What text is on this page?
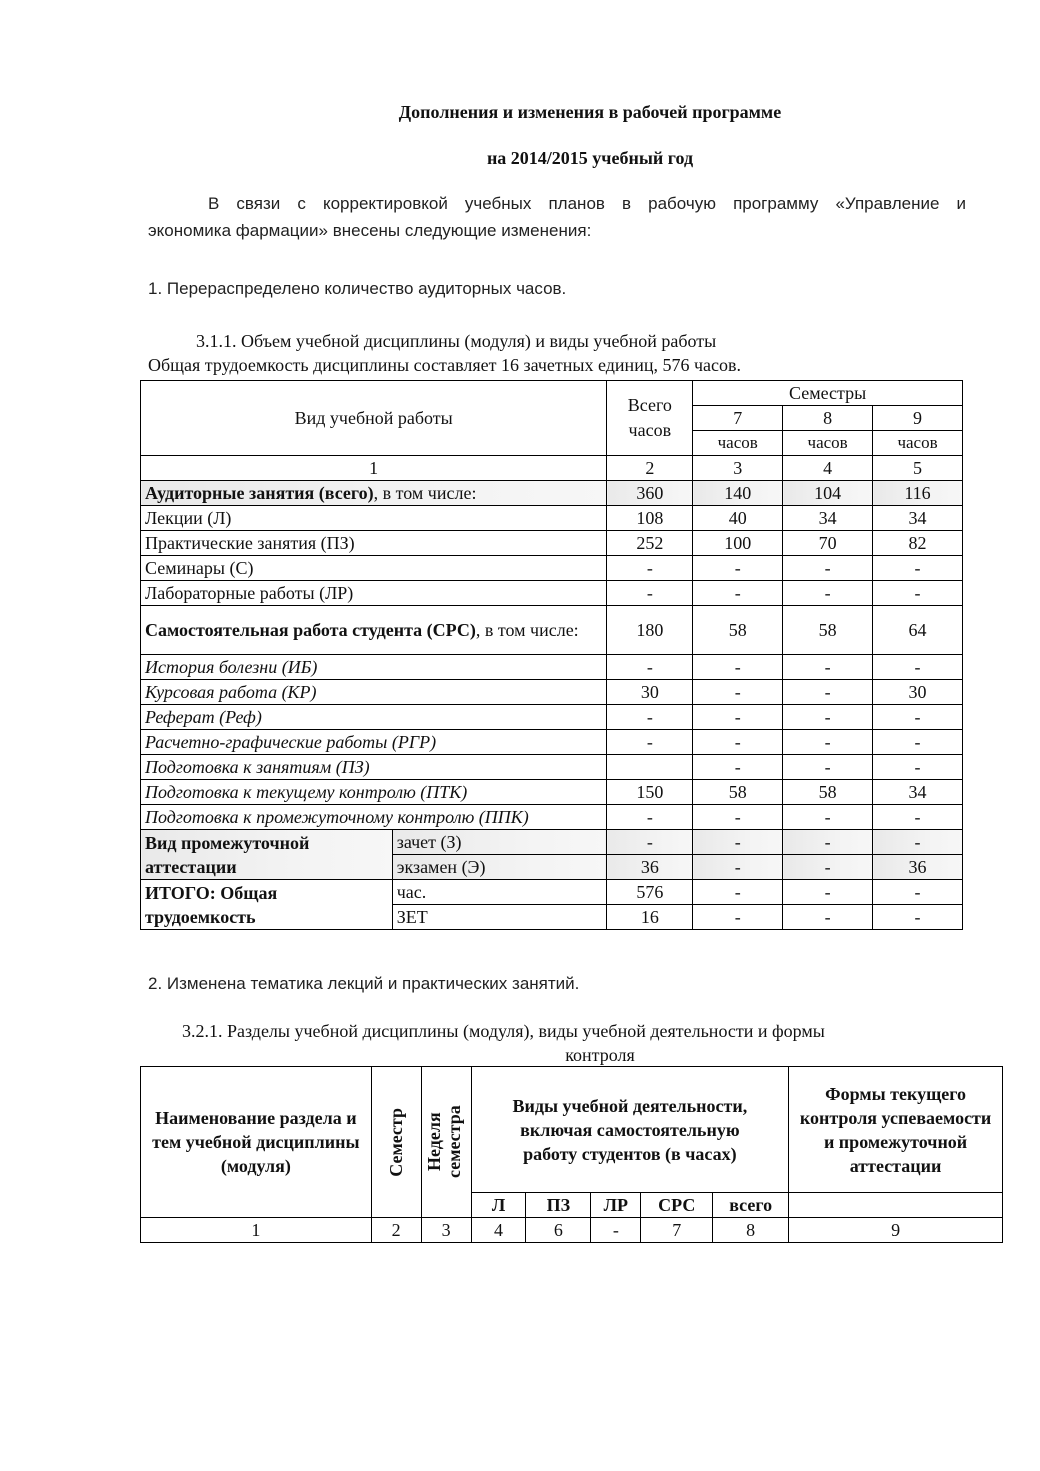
Дополнения и изменения в рабочей программе
на 2014/2015 учебный год
В связи с корректировкой учебных планов в рабочую программу «Управление и
экономика фармации» внесены следующие изменения:
1. Перераспределено количество аудиторных часов.
3.1.1. Объем учебной дисциплины (модуля) и виды учебной работы
Общая трудоемкость дисциплины составляет 16 зачетных единиц, 576 часов.
Вид учебной работы		Всего часов	Семестры		
			7	8	9
			часов	часов	часов
1		2	3	4	5
Аудиторные занятия (всего), в том числе:		360	140	104	116
Лекции (Л)		108	40	34	34
Практические занятия (ПЗ)		252	100	70	82
Семинары (С)		-	-	-	-
Лабораторные работы (ЛР)		-	-	-	-
Самостоятельная работа студента (СРС), в том числе:		180	58	58	64
История болезни (ИБ)		-	-	-	-
Курсовая работа (КР)		30	-	-	30
Реферат (Реф)		-	-	-	-
Расчетно-графические работы (РГР)		-	-	-	-
Подготовка к занятиям (ПЗ)			-	-	-
Подготовка к текущему контролю (ПТК)		150	58	58	34
Подготовка к промежуточному контролю (ППК)		-	-	-	-
Вид промежуточной аттестации	зачет (З)	-	-	-	-
	экзамен (Э)	36	-	-	36
ИТОГО: Общая трудоемкость	час.	576	-	-	-
	ЗЕТ	16	-	-	-
2. Изменена тематика лекций и практических занятий.
3.2.1. Разделы учебной дисциплины (модуля), виды учебной деятельности и формы
контроля
Наименование раздела и тем учебной дисциплины (модуля)	Семестр	Неделя семестра	Виды учебной деятельности, включая самостоятельную работу студентов (в часах)					Формы текущего контроля успеваемости и промежуточной аттестации
			Л	ПЗ	ЛР	СРС	всего	
1	2	3	4	6	-	7	8	9
